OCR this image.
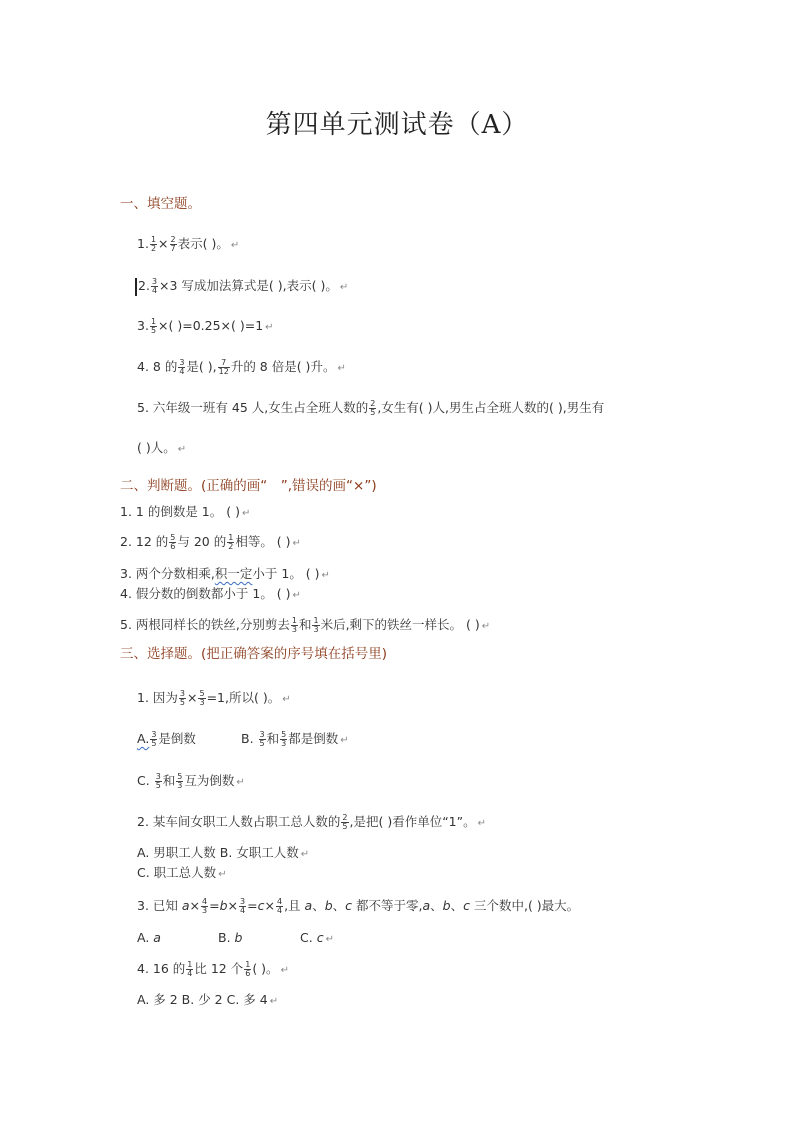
第四单元测试卷（A）
一、填空题。
1. $\frac{1}{2} \times \frac{2}{7}$ 表示( )。 ↵
2. $\frac{3}{4} \times 3$ 写成加法算式是( ),表示( )。 ↵
3. $\frac{1}{5}$ ×( )=0.25×( )=1 ↵
4. 8 的 $\frac{3}{4}$ 是( ), $\frac{7}{12}$ 升的 8 倍是( )升。 ↵
5. 六年级一班有 45 人,女生占全班人数的 $\frac{2}{5}$ ,女生有( )人,男生占全班人数的( ),男生有
( )人。 ↵
二、判断题。(正确的画“　”,错误的画“×”)
1. 1 的倒数是 1。 ( ) ↵
2. 12 的 $\frac{5}{6}$ 与 20 的 $\frac{1}{2}$ 相等。 ( ) ↵
3. 两个分数相乘,积一定小于 1。 ( ) ↵
4. 假分数的倒数都小于 1。 ( ) ↵
5. 两根同样长的铁丝,分别剪去 $\frac{1}{3}$ 和 $\frac{1}{3}$ 米后,剩下的铁丝一样长。 ( ) ↵
三、选择题。(把正确答案的序号填在括号里)
1. 因为 $\frac{3}{5} \times \frac{5}{3} =1$,所以( )。 ↵
A. $\frac{3}{5}$ 是倒数	B. $\frac{3}{5}$ 和 $\frac{5}{3}$ 都是倒数 ↵
C. $\frac{3}{5}$ 和 $\frac{5}{3}$ 互为倒数 ↵
2. 某车间女职工人数占职工总人数的 $\frac{2}{5}$ ,是把( )看作单位“1”。 ↵
A. 男职工人数 B. 女职工人数 ↵
C. 职工总人数 ↵
3. 已知 $a\times \frac{4}{3} =b\times \frac{3}{4} =c\times \frac{4}{4}$ ,且 a、b、c 都不等于零,a、b、c 三个数中,( )最大。
A. a	B. b	C. c ↵
4. 16 的 $\frac{1}{4}$ 比 12 个 $\frac{1}{6}$ ( )。 ↵
A. 多 2 B. 少 2 C. 多 4 ↵
